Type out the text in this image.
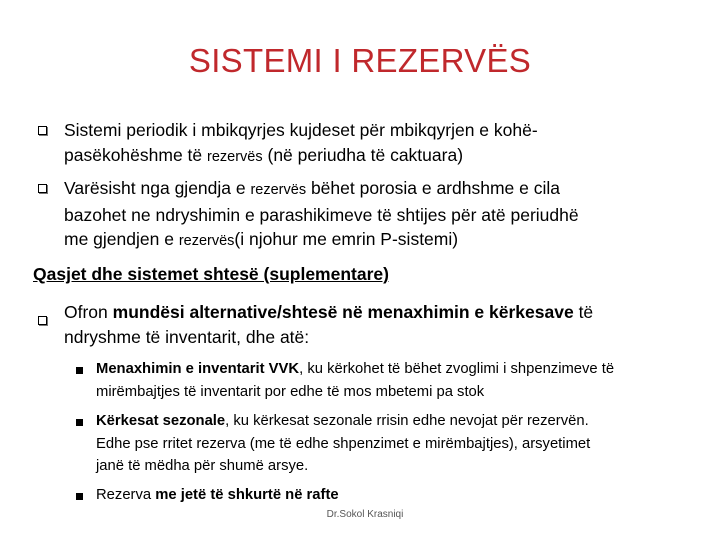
SISTEMI I REZERVËS
Sistemi periodik i mbikqyrjes kujdeset për mbikqyrjen e kohë-
pasëkohëshme të rezervës (në periudha të caktuara)
Varësisht nga gjendja e rezervës bëhet porosia e ardhshme e cila
bazohet ne ndryshimin e parashikimeve të shtijes për atë periudhë
me gjendjen e rezervës(i njohur me emrin P-sistemi)
Qasjet dhe sistemet shtesë (suplementare)
Ofron mundësi alternative/shtesë në menaxhimin e kërkesave të
ndryshme të inventarit, dhe atë:
Menaxhimin e inventarit VVK, ku kërkohet të bëhet zvoglimi i shpenzimeve të
mirëmbajtjes të inventarit por edhe të mos mbetemi pa stok
Kërkesat sezonale, ku kërkesat sezonale rrisin edhe nevojat për rezervën.
Edhe pse rritet rezerva (me të edhe shpenzimet e mirëmbajtjes), arsyetimet
janë të mëdha për shumë arsye.
Rezerva me jetë të shkurtë në rafte
Dr.Sokol Krasniqi
